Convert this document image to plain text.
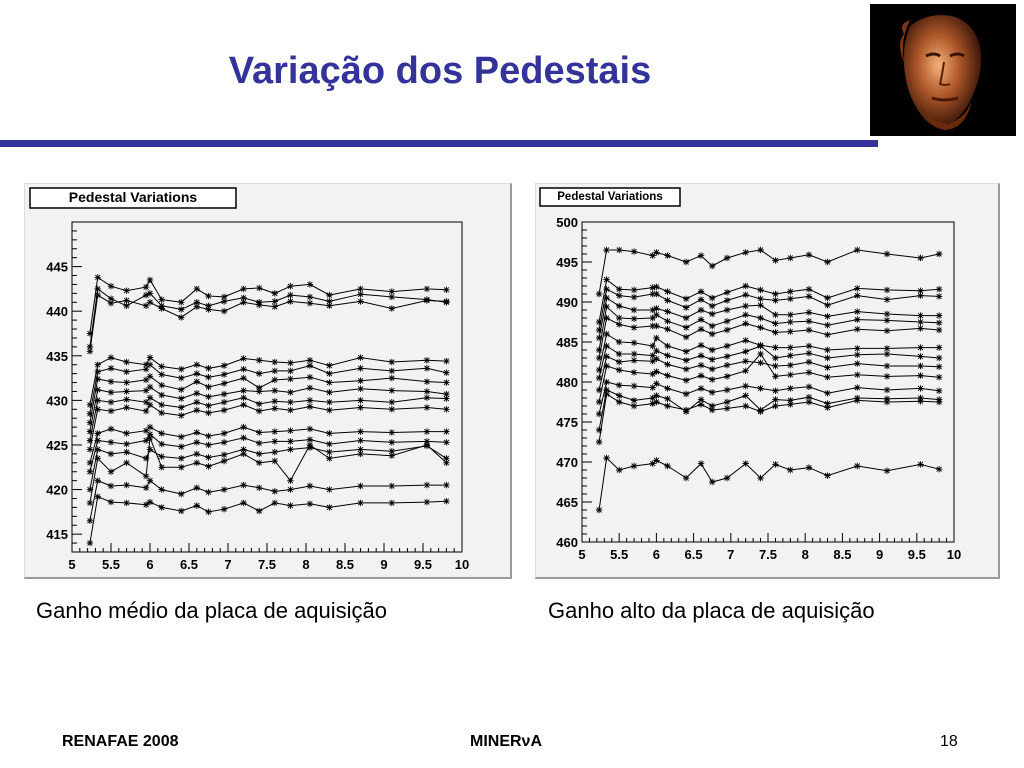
Variação dos Pedestais
Pedestal Variations
5 5.5 6 6.5 7 7.5 8 8.5 9 9.5 10
415
420
425
430
435
440
445
Pedestal Variations
5 5.5 6 6.5 7 7.5 8 8.5 9 9.5 10
460
465
470
475
480
485
490
495
500
Ganho médio da placa de aquisição	Ganho alto da placa de aquisição
RENAFAE 2008	MINERνA	18
